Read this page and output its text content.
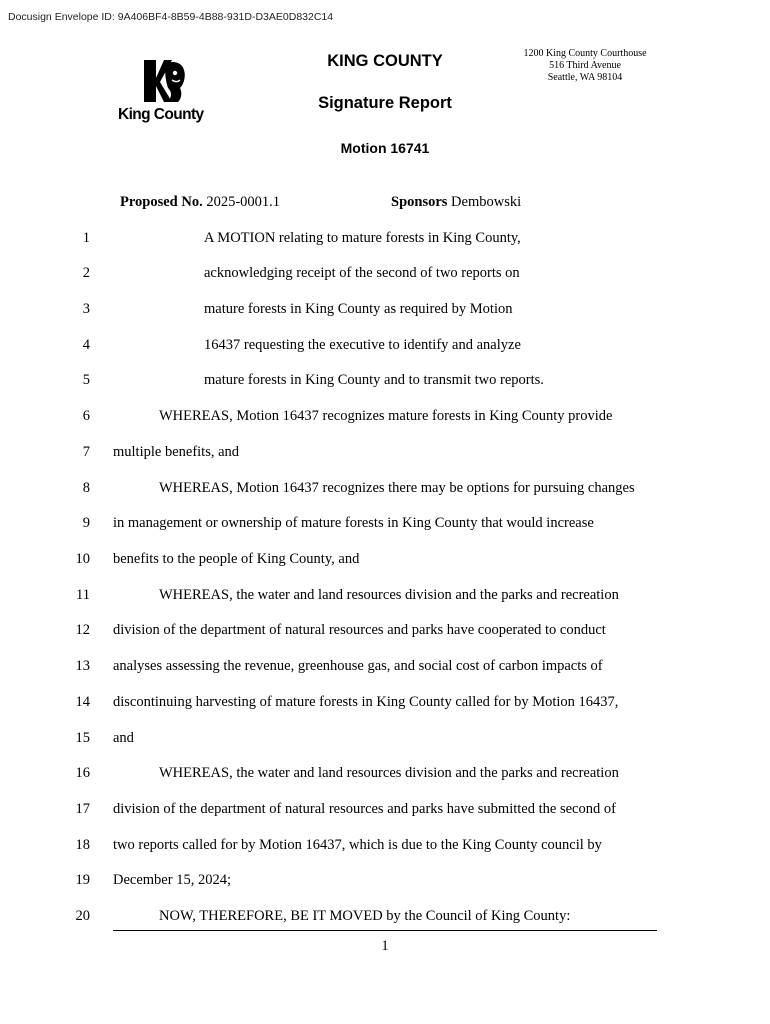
Docusign Envelope ID: 9A406BF4-8B59-4B88-931D-D3AE0D832C14
King County
KING COUNTY
Signature Report
Motion 16741
1200 King County Courthouse
516 Third Avenue
Seattle, WA 98104
Proposed No. 2025-0001.1	Sponsors Dembowski
1	A MOTION relating to mature forests in King County,
2	acknowledging receipt of the second of two reports on
3	mature forests in King County as required by Motion
4	16437 requesting the executive to identify and analyze
5	mature forests in King County and to transmit two reports.
6	WHEREAS, Motion 16437 recognizes mature forests in King County provide
7 multiple benefits, and
8	WHEREAS, Motion 16437 recognizes there may be options for pursuing changes
9 in management or ownership of mature forests in King County that would increase
10 benefits to the people of King County, and
11	WHEREAS, the water and land resources division and the parks and recreation
12 division of the department of natural resources and parks have cooperated to conduct
13 analyses assessing the revenue, greenhouse gas, and social cost of carbon impacts of
14 discontinuing harvesting of mature forests in King County called for by Motion 16437,
15 and
16	WHEREAS, the water and land resources division and the parks and recreation
17 division of the department of natural resources and parks have submitted the second of
18 two reports called for by Motion 16437, which is due to the King County council by
19 December 15, 2024;
20	NOW, THEREFORE, BE IT MOVED by the Council of King County:
1
